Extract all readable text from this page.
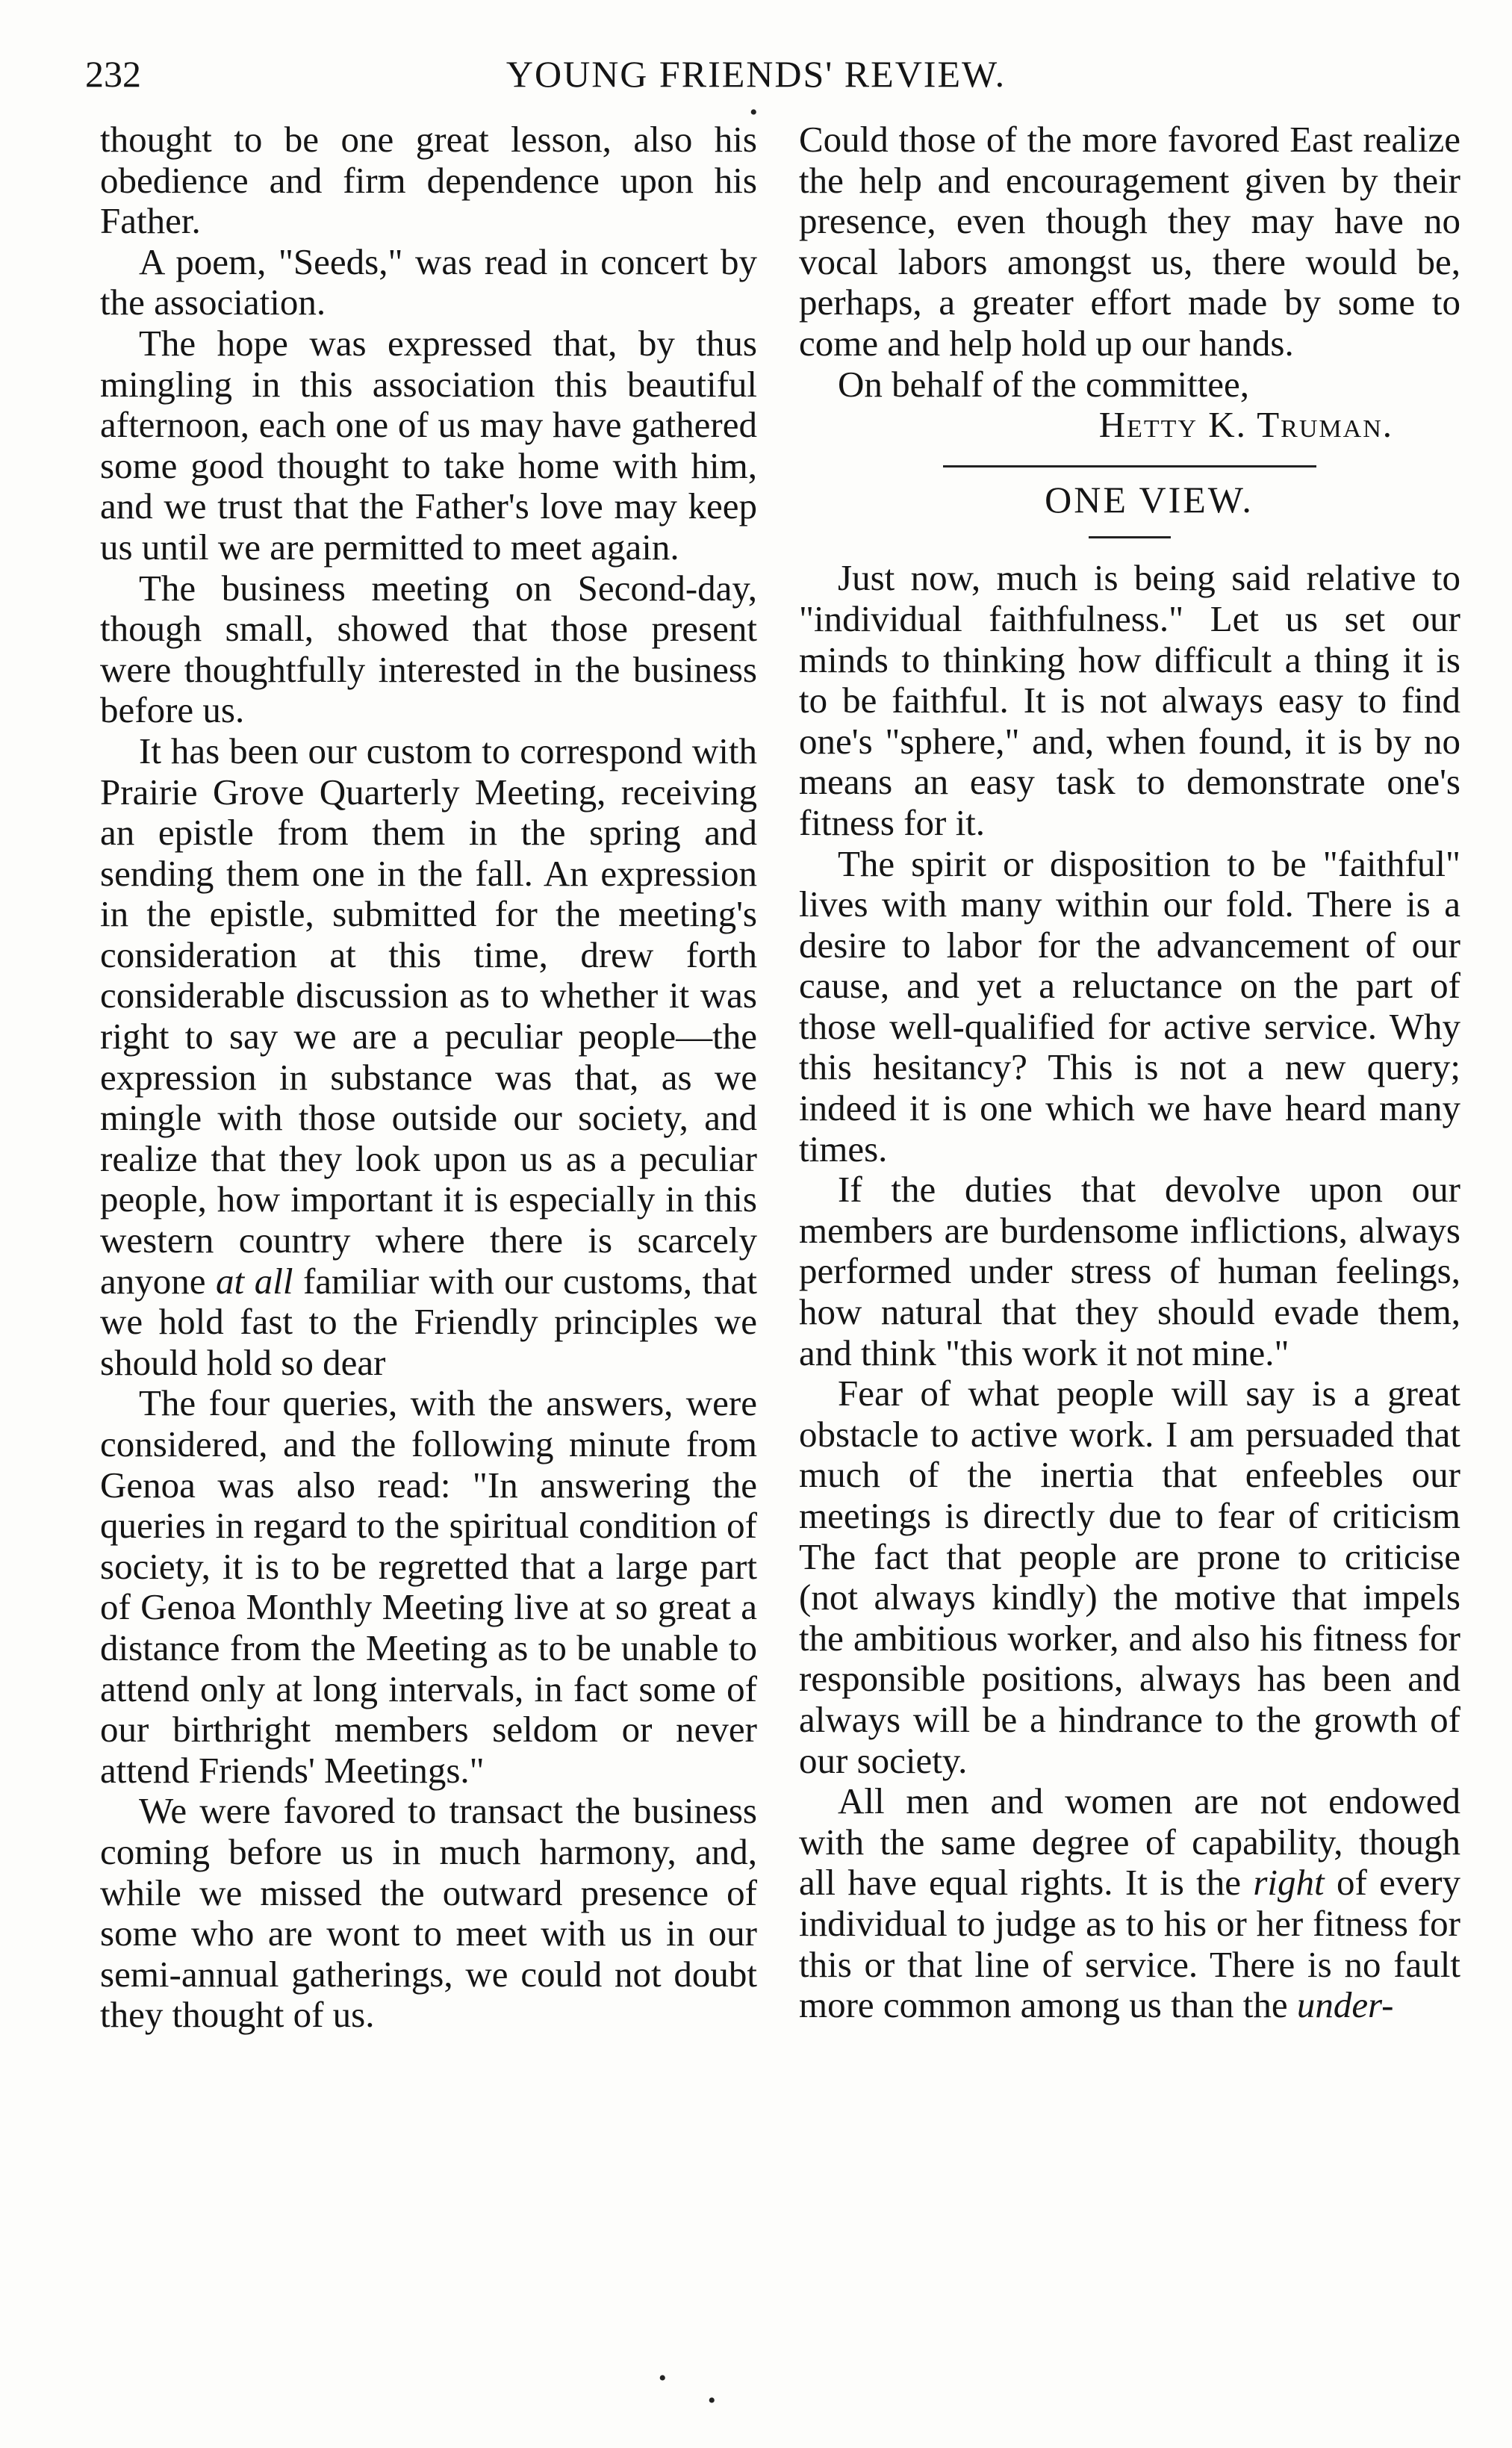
232	YOUNG FRIENDS' REVIEW.
•

thought to be one great lesson, also his obedience and firm dependence upon his Father.

A poem, "Seeds," was read in concert by the association.

The hope was expressed that, by thus mingling in this association this beautiful afternoon, each one of us may have gathered some good thought to take home with him, and we trust that the Father's love may keep us until we are permitted to meet again.

The business meeting on Second-day, though small, showed that those present were thoughtfully interested in the business before us.

It has been our custom to correspond with Prairie Grove Quarterly Meeting, receiving an epistle from them in the spring and sending them one in the fall. An expression in the epistle, submitted for the meeting's consideration at this time, drew forth considerable discussion as to whether it was right to say we are a peculiar people—the expression in substance was that, as we mingle with those outside our society, and realize that they look upon us as a peculiar people, how important it is especially in this western country where there is scarcely anyone at all familiar with our customs, that we hold fast to the Friendly principles we should hold so dear

The four queries, with the answers, were considered, and the following minute from Genoa was also read: "In answering the queries in regard to the spiritual condition of society, it is to be regretted that a large part of Genoa Monthly Meeting live at so great a distance from the Meeting as to be unable to attend only at long intervals, in fact some of our birthright members seldom or never attend Friends' Meetings."

We were favored to transact the business coming before us in much harmony, and, while we missed the outward presence of some who are wont to meet with us in our semi-annual gatherings, we could not doubt they thought of us.

Could those of the more favored East realize the help and encouragement given by their presence, even though they may have no vocal labors amongst us, there would be, perhaps, a greater effort made by some to come and help hold up our hands.

On behalf of the committee,

Hetty K. Truman.

ONE VIEW.

Just now, much is being said relative to "individual faithfulness." Let us set our minds to thinking how difficult a thing it is to be faithful. It is not always easy to find one's "sphere," and, when found, it is by no means an easy task to demonstrate one's fitness for it.

The spirit or disposition to be "faithful" lives with many within our fold. There is a desire to labor for the advancement of our cause, and yet a reluctance on the part of those well-qualified for active service. Why this hesitancy? This is not a new query; indeed it is one which we have heard many times.

If the duties that devolve upon our members are burdensome inflictions, always performed under stress of human feelings, how natural that they should evade them, and think "this work it not mine."

Fear of what people will say is a great obstacle to active work. I am persuaded that much of the inertia that enfeebles our meetings is directly due to fear of criticism The fact that people are prone to criticise (not always kindly) the motive that impels the ambitious worker, and also his fitness for responsible positions, always has been and always will be a hindrance to the growth of our society.

All men and women are not endowed with the same degree of capability, though all have equal rights. It is the right of every individual to judge as to his or her fitness for this or that line of service. There is no fault more common among us than the under-

•
•
